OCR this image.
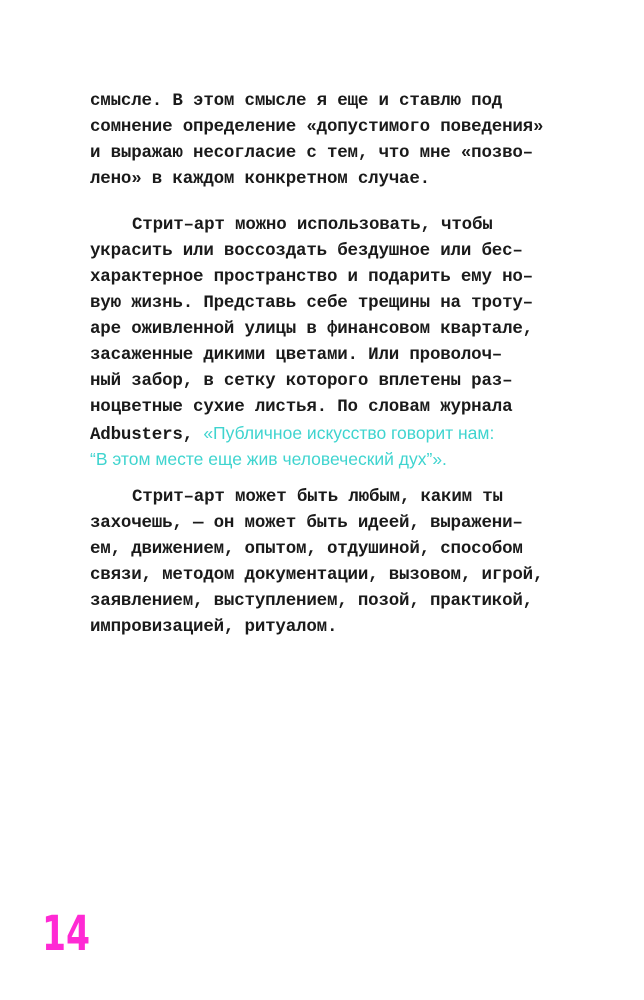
смысле. В этом смысле я еще и ставлю под
сомнение определение «допустимого поведения»
и выражаю несогласие с тем, что мне «позво–
лено» в каждом конкретном случае.
Стрит–арт можно использовать, чтобы
украсить или воссоздать бездушное или бес–
характерное пространство и подарить ему но–
вую жизнь. Представь себе трещины на троту–
аре оживленной улицы в финансовом квартале,
засаженные дикими цветами. Или проволоч–
ный забор, в сетку которого вплетены раз–
ноцветные сухие листья. По словам журнала
Adbusters, «Публичное искусство говорит нам:
“В этом месте еще жив человеческий дух”».
Стрит–арт может быть любым, каким ты
захочешь, — он может быть идеей, выражени–
ем, движением, опытом, отдушиной, способом
связи, методом документации, вызовом, игрой,
заявлением, выступлением, позой, практикой,
импровизацией, ритуалом.
14
